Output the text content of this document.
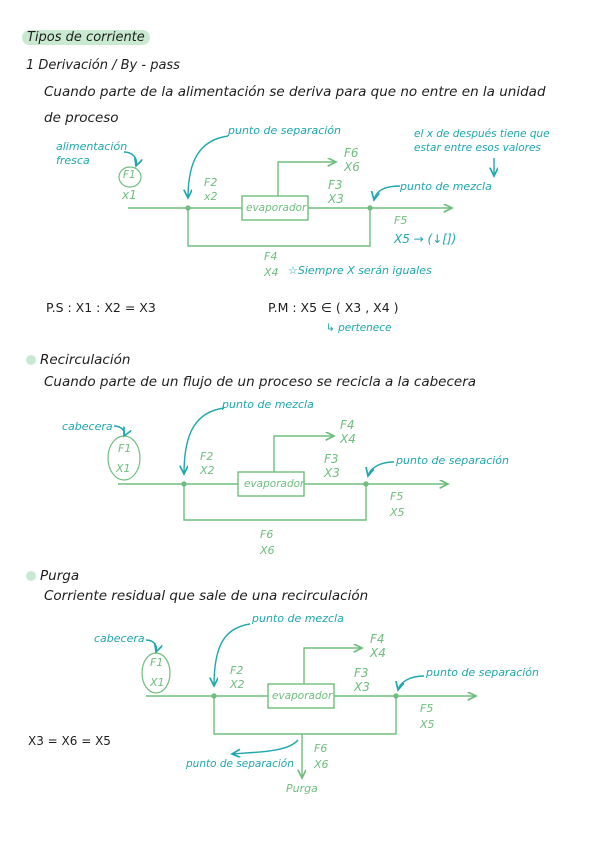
Tipos de corriente
1 Derivación / By - pass
Cuando parte de la alimentación se deriva para que no entre en la unidad
de proceso
alimentación
fresca
F1
x1
punto de separación	el x de después tiene que
estar entre esos valores
punto de mezcla
F2
x2
evaporador
F6
X6
F3
X3
F5
X5 → (↓[])
F4
X4 ☆Siempre X serán iguales
P.S : X1 : X2 = X3	P.M : X5 ∈ ( X3 , X4 )
↳ pertenece
Recirculación
Cuando parte de un flujo de un proceso se recicla a la cabecera
cabecera
F1
X1
punto de mezcla
F2
X2
evaporador
F4
X4
F3
X3
punto de separación
F5
X5
F6
X6
Purga
Corriente residual que sale de una recirculación
cabecera
F1
X1
punto de mezcla
F2
X2
evaporador
F4
X4
F3
X3
punto de separación
F5
X5
F6
X6
punto de separación
Purga
X3 = X6 = X5
